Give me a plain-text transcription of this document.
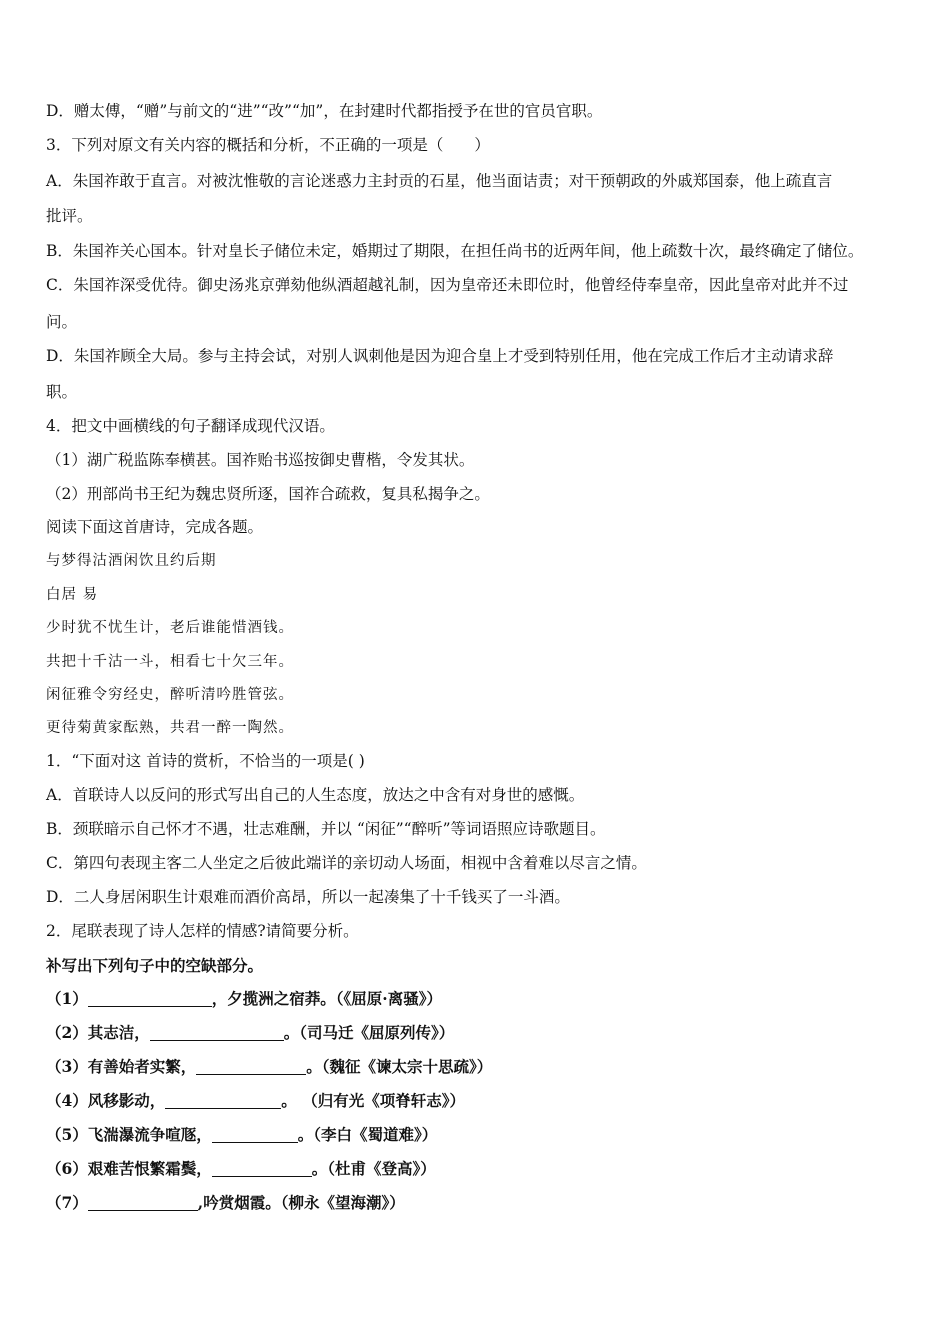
D．赠太傅，“赠”与前文的“进”“改”“加”，在封建时代都指授予在世的官员官职。
3．下列对原文有关内容的概括和分析，不正确的一项是（　　）
A．朱国祚敢于直言。对被沈惟敬的言论迷惑力主封贡的石星，他当面诘责；对干预朝政的外戚郑国泰，他上疏直言
批评。
B．朱国祚关心国本。针对皇长子储位未定，婚期过了期限，在担任尚书的近两年间，他上疏数十次，最终确定了储位。
C．朱国祚深受优待。御史汤兆京弹劾他纵酒超越礼制，因为皇帝还未即位时，他曾经侍奉皇帝，因此皇帝对此并不过
问。
D．朱国祚顾全大局。参与主持会试，对别人讽刺他是因为迎合皇上才受到特别任用，他在完成工作后才主动请求辞
职。
4．把文中画横线的句子翻译成现代汉语。
（1）湖广税监陈奉横甚。国祚贻书巡按御史曹楷，令发其状。
（2）刑部尚书王纪为魏忠贤所逐，国祚合疏救，复具私揭争之。
阅读下面这首唐诗，完成各题。
与梦得沽酒闲饮且约后期
白居 易
少时犹不忧生计，老后谁能惜酒钱。
共把十千沽一斗，相看七十欠三年。
闲征雅令穷经史，醉听清吟胜管弦。
更待菊黄家酝熟，共君一醉一陶然。
1．“下面对这 首诗的赏析，不恰当的一项是( )
A．首联诗人以反问的形式写出自己的人生态度，放达之中含有对身世的感慨。
B．颈联暗示自己怀才不遇，壮志难酬，并以 “闲征”“醉听”等词语照应诗歌题目。
C．第四句表现主客二人坐定之后彼此端详的亲切动人场面，相视中含着难以尽言之情。
D．二人身居闲职生计艰难而酒价高昂，所以一起凑集了十千钱买了一斗酒。
2．尾联表现了诗人怎样的情感?请简要分析。
补写出下列句子中的空缺部分。
（1）	，夕揽洲之宿莽。（《屈原·离骚》）
（2）其志洁，	。（司马迁《屈原列传》）
（3）有善始者实繁，	。（魏征《谏太宗十思疏》）
（4）风移影动，	。 （归有光《项脊轩志》）
（5）飞湍瀑流争喧豗，	。（李白《蜀道难》）
（6）艰难苦恨繁霜鬓，	。（杜甫《登高》）
（7）	,吟赏烟霞。（柳永《望海潮》）
